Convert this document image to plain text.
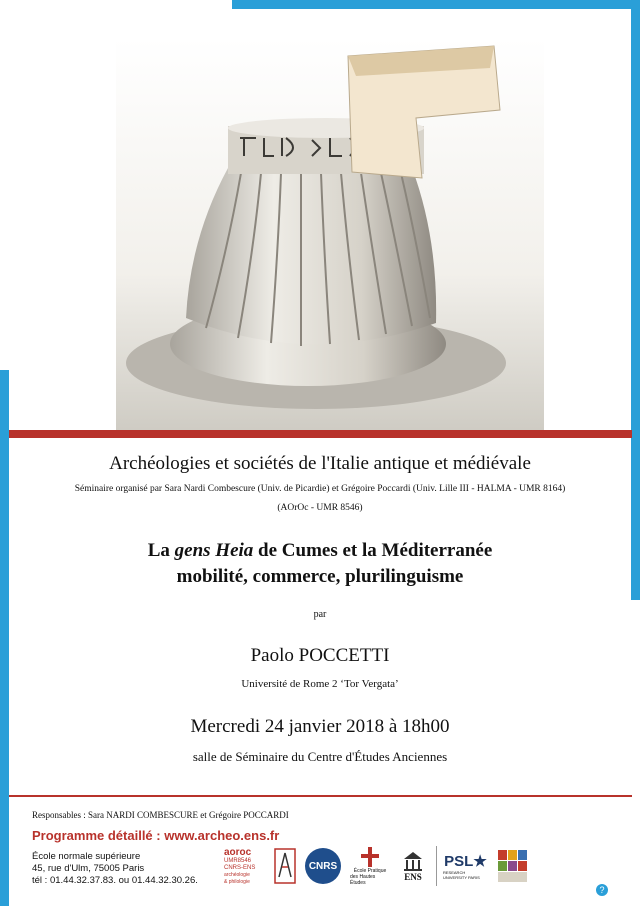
Archéologies et sociétés de l'Italie antique et médiévale
Séminaire organisé par Sara Nardi Combescure (Univ. de Picardie) et Grégoire Poccardi (Univ. Lille III - HALMA - UMR 8164)
(AOrOc - UMR 8546)
La gens Heia de Cumes et la Méditerranée
mobilité, commerce, plurilinguisme
par
Paolo POCCETTI
Université de Rome 2 ‘Tor Vergata’
Mercredi 24 janvier 2018 à 18h00
salle de Séminaire du Centre d'Études Anciennes
Responsables : Sara NARDI COMBESCURE et Grégoire POCCARDI
Programme détaillé : www.archeo.ens.fr
École normale supérieure
45, rue d'Ulm, 75005 Paris
tél : 01.44.32.37.83. ou 01.44.32.30.26.
aoroc
UMR8546
CNRS-ENS
archéologie
& philologie
CNRS	École Pratique
des Hautes Études
ENS
PSL★
RESEARCH UNIVERSITY PARIS
?
